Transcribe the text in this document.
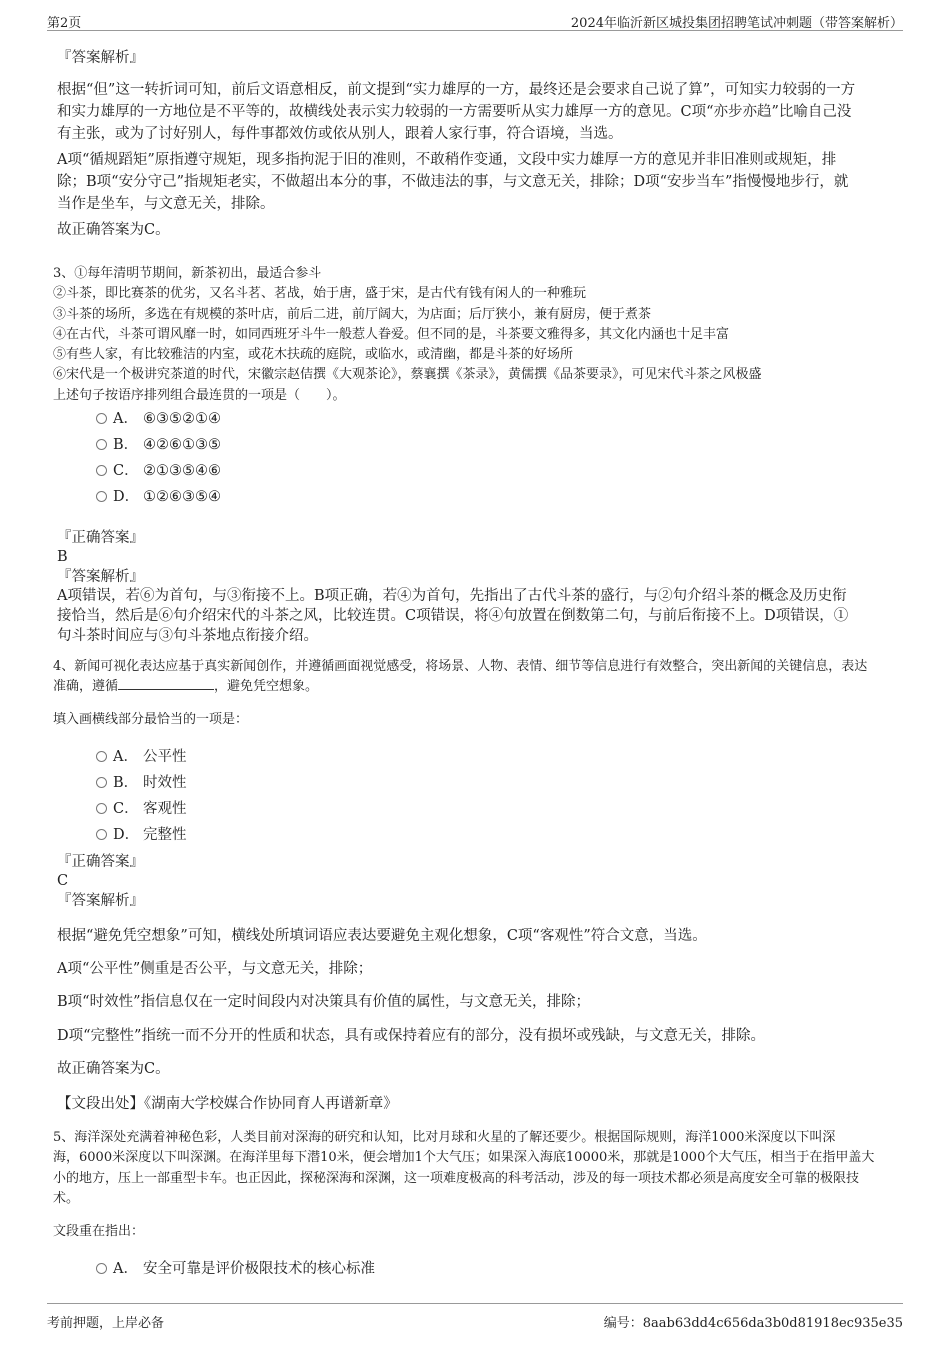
第2页	2024年临沂新区城投集团招聘笔试冲刺题（带答案解析）
『答案解析』
根据“但”这一转折词可知，前后文语意相反，前文提到“实力雄厚的一方，最终还是会要求自己说了算”，可知实力较弱的一方
和实力雄厚的一方地位是不平等的，故横线处表示实力较弱的一方需要听从实力雄厚一方的意见。C项“亦步亦趋”比喻自己没
有主张，或为了讨好别人，每件事都效仿或依从别人，跟着人家行事，符合语境，当选。
A项“循规蹈矩”原指遵守规矩，现多指拘泥于旧的准则，不敢稍作变通，文段中实力雄厚一方的意见并非旧准则或规矩，排
除；B项“安分守己”指规矩老实，不做超出本分的事，不做违法的事，与文意无关，排除；D项“安步当车”指慢慢地步行，就
当作是坐车，与文意无关，排除。
故正确答案为C。
3、①每年清明节期间，新茶初出，最适合参斗
②斗茶，即比赛茶的优劣，又名斗茗、茗战，始于唐，盛于宋，是古代有钱有闲人的一种雅玩
③斗茶的场所，多选在有规模的茶叶店，前后二进，前厅阔大，为店面；后厅狭小，兼有厨房，便于煮茶
④在古代，斗茶可谓风靡一时，如同西班牙斗牛一般惹人眷爱。但不同的是，斗茶要文雅得多，其文化内涵也十足丰富
⑤有些人家，有比较雅洁的内室，或花木扶疏的庭院，或临水，或清幽，都是斗茶的好场所
⑥宋代是一个极讲究茶道的时代，宋徽宗赵佶撰《大观茶论》，蔡襄撰《茶录》，黄儒撰《品茶要录》，可见宋代斗茶之风极盛
上述句子按语序排列组合最连贯的一项是（　　）。
A． ⑥③⑤②①④
B． ④②⑥①③⑤
C． ②①③⑤④⑥
D． ①②⑥③⑤④
『正确答案』
B
『答案解析』
A项错误，若⑥为首句，与③衔接不上。B项正确，若④为首句，先指出了古代斗茶的盛行，与②句介绍斗茶的概念及历史衔
接恰当，然后是⑥句介绍宋代的斗茶之风，比较连贯。C项错误，将④句放置在倒数第二句，与前后衔接不上。D项错误，①
句斗茶时间应与③句斗茶地点衔接介绍。
4、新闻可视化表达应基于真实新闻创作，并遵循画面视觉感受，将场景、人物、表情、细节等信息进行有效整合，突出新闻的关键信息，表达
准确，遵循	，避免凭空想象。
填入画横线部分最恰当的一项是：
A． 公平性
B． 时效性
C． 客观性
D． 完整性
『正确答案』
C
『答案解析』
根据“避免凭空想象”可知，横线处所填词语应表达要避免主观化想象，C项“客观性”符合文意，当选。
A项“公平性”侧重是否公平，与文意无关，排除；
B项“时效性”指信息仅在一定时间段内对决策具有价值的属性，与文意无关，排除；
D项“完整性”指统一而不分开的性质和状态，具有或保持着应有的部分，没有损坏或残缺，与文意无关，排除。
故正确答案为C。
【文段出处】《湖南大学校媒合作协同育人再谱新章》
5、海洋深处充满着神秘色彩，人类目前对深海的研究和认知，比对月球和火星的了解还要少。根据国际规则，海洋1000米深度以下叫深
海，6000米深度以下叫深渊。在海洋里每下潜10米，便会增加1个大气压；如果深入海底10000米，那就是1000个大气压，相当于在指甲盖大
小的地方，压上一部重型卡车。也正因此，探秘深海和深渊，这一项难度极高的科考活动，涉及的每一项技术都必须是高度安全可靠的极限技
术。
文段重在指出：
A． 安全可靠是评价极限技术的核心标准
考前押题，上岸必备	编号：8aab63dd4c656da3b0d81918ec935e35
